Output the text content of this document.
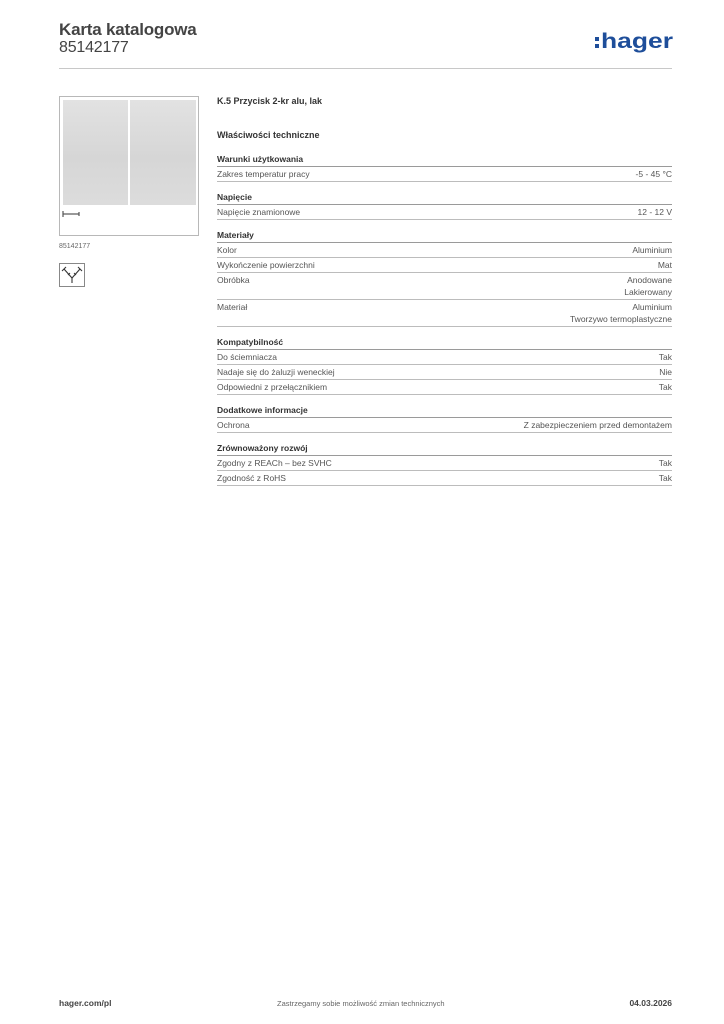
Karta katalogowa
85142177	hager
85142177
K.5 Przycisk 2-kr alu, lak
Właściwości techniczne
Warunki użytkowania
Zakres temperatur pracy	-5 - 45 °C
Napięcie
Napięcie znamionowe	12 - 12 V
Materiały
Kolor	Aluminium
Wykończenie powierzchni	Mat
Obróbka	Anodowane
Lakierowany
Materiał	Aluminium
Tworzywo termoplastyczne
Kompatybilność
Do ściemniacza	Tak
Nadaje się do żaluzji weneckiej	Nie
Odpowiedni z przełącznikiem	Tak
Dodatkowe informacje
Ochrona	Z zabezpieczeniem przed demontażem
Zrównoważony rozwój
Zgodny z REACh – bez SVHC	Tak
Zgodność z RoHS	Tak
hager.com/pl	Zastrzegamy sobie możliwość zmian technicznych	04.03.2026
